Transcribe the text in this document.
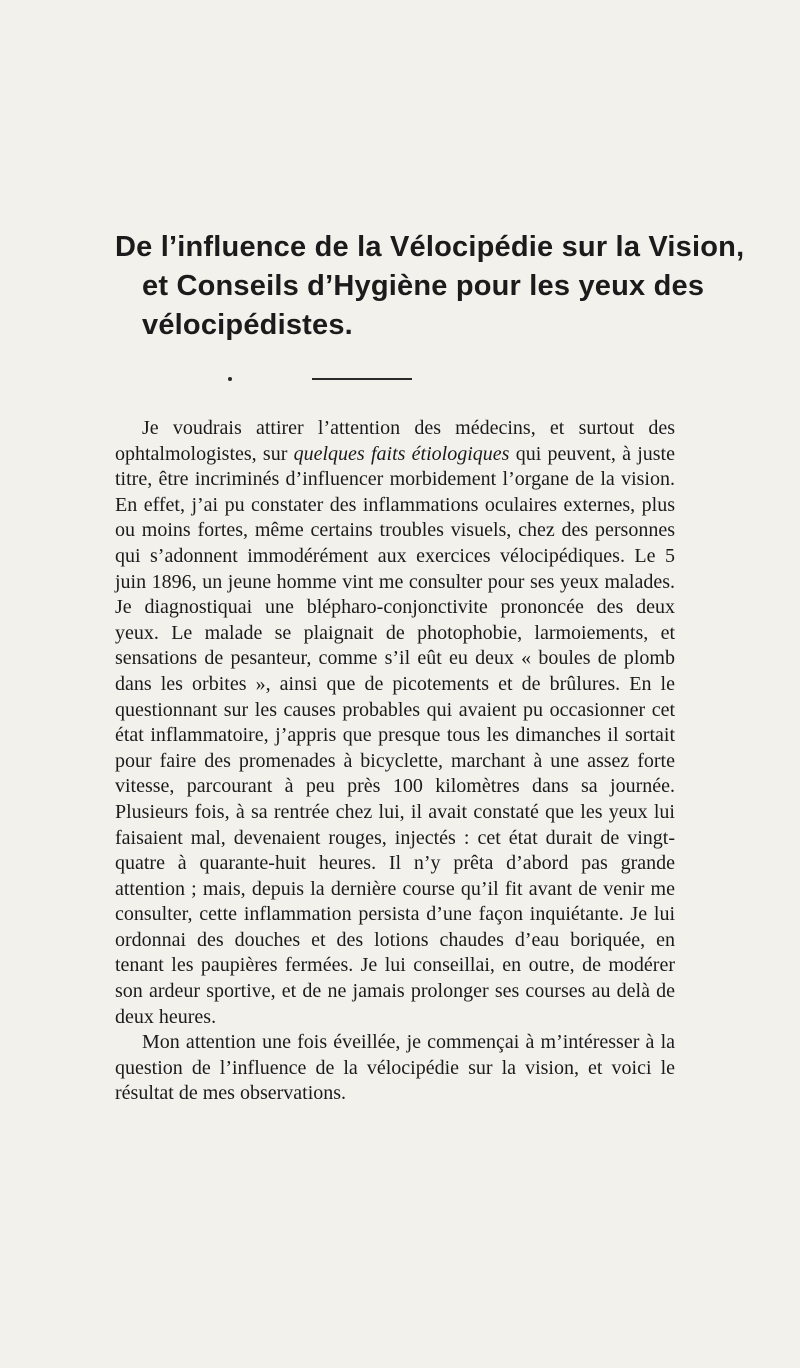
De l’influence de la Vélocipédie sur la Vision,
et Conseils d’Hygiène pour les yeux des
vélocipédistes.

Je voudrais attirer l’attention des médecins, et surtout des ophtalmologistes, sur quelques faits étiologiques qui peuvent, à juste titre, être incriminés d’influencer morbidement l’organe de la vision. En effet, j’ai pu constater des inflammations oculaires externes, plus ou moins fortes, même certains troubles visuels, chez des personnes qui s’adonnent immodérément aux exercices vélocipédiques. Le 5 juin 1896, un jeune homme vint me consulter pour ses yeux malades. Je diagnostiquai une blépharo-conjonctivite prononcée des deux yeux. Le malade se plaignait de photophobie, larmoiements, et sensations de pesanteur, comme s’il eût eu deux « boules de plomb dans les orbites », ainsi que de picotements et de brûlures. En le questionnant sur les causes probables qui avaient pu occasionner cet état inflammatoire, j’appris que presque tous les dimanches il sortait pour faire des promenades à bicyclette, marchant à une assez forte vitesse, parcourant à peu près 100 kilomètres dans sa journée. Plusieurs fois, à sa rentrée chez lui, il avait constaté que les yeux lui faisaient mal, devenaient rouges, injectés : cet état durait de vingt-quatre à quarante-huit heures. Il n’y prêta d’abord pas grande attention ; mais, depuis la dernière course qu’il fit avant de venir me consulter, cette inflammation persista d’une façon inquiétante. Je lui ordonnai des douches et des lotions chaudes d’eau boriquée, en tenant les paupières fermées. Je lui conseillai, en outre, de modérer son ardeur sportive, et de ne jamais prolonger ses courses au delà de deux heures.

Mon attention une fois éveillée, je commençai à m’intéresser à la question de l’influence de la vélocipédie sur la vision, et voici le résultat de mes observations.
